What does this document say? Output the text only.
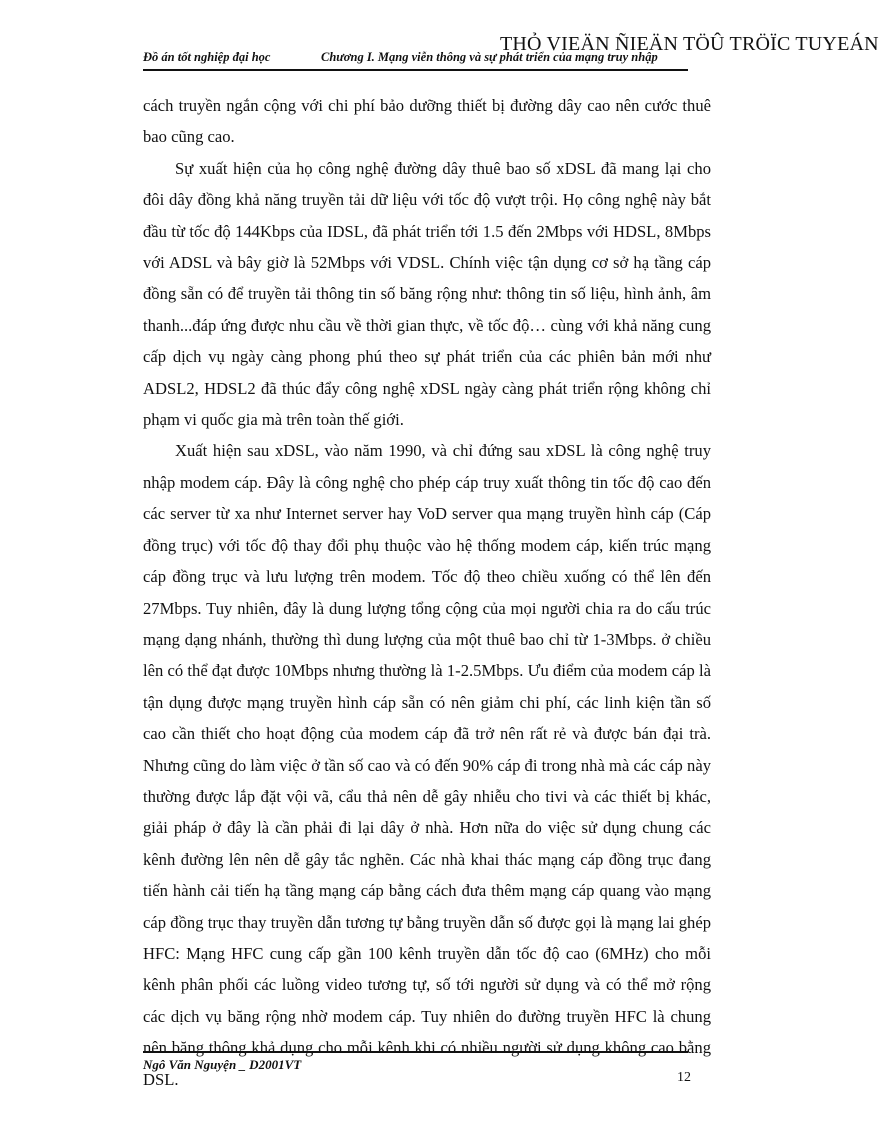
THỎ VIEÄN ÑIEÄN TÖÛ TRÖÏC TUYEÁN
Đồ án tốt nghiệp đại học	Chương I. Mạng viễn thông và sự phát triển của mạng truy nhập

cách truyền ngắn cộng với chi phí bảo dưỡng thiết bị đường dây cao nên cước thuê bao cũng cao.

Sự xuất hiện của họ công nghệ đường dây thuê bao số xDSL đã mang lại cho đôi dây đồng khả năng truyền tải dữ liệu với tốc độ vượt trội. Họ công nghệ này bắt đầu từ tốc độ 144Kbps của IDSL, đã phát triển tới 1.5 đến 2Mbps với HDSL, 8Mbps với ADSL và bây giờ là 52Mbps với VDSL. Chính việc tận dụng cơ sở hạ tầng cáp đồng sẵn có để truyền tải thông tin số băng rộng như: thông tin số liệu, hình ảnh, âm thanh...đáp ứng được nhu cầu về thời gian thực, về tốc độ… cùng với khả năng cung cấp dịch vụ ngày càng phong phú theo sự phát triển của các phiên bản mới như ADSL2, HDSL2 đã thúc đẩy công nghệ xDSL ngày càng phát triển rộng không chỉ phạm vi quốc gia mà trên toàn thế giới.

Xuất hiện sau xDSL, vào năm 1990, và chỉ đứng sau xDSL là công nghệ truy nhập modem cáp. Đây là công nghệ cho phép cáp truy xuất thông tin tốc độ cao đến các server từ xa như Internet server hay VoD server qua mạng truyền hình cáp (Cáp đồng trục) với tốc độ thay đổi phụ thuộc vào hệ thống modem cáp, kiến trúc mạng cáp đồng trục và lưu lượng trên modem. Tốc độ theo chiều xuống có thể lên đến 27Mbps. Tuy nhiên, đây là dung lượng tổng cộng của mọi người chia ra do cấu trúc mạng dạng nhánh, thường thì dung lượng của một thuê bao chỉ từ 1-3Mbps. ở chiều lên có thể đạt được 10Mbps nhưng thường là 1-2.5Mbps. Ưu điểm của modem cáp là tận dụng được mạng truyền hình cáp sẵn có nên giảm chi phí, các linh kiện tần số cao cần thiết cho hoạt động của modem cáp đã trở nên rất rẻ và được bán đại trà. Nhưng cũng do làm việc ở tần số cao và có đến 90% cáp đi trong nhà mà các cáp này thường được lắp đặt vội vã, cẩu thả nên dễ gây nhiễu cho tivi và các thiết bị khác, giải pháp ở đây là cần phải đi lại dây ở nhà. Hơn nữa do việc sử dụng chung các kênh đường lên nên dễ gây tắc nghẽn. Các nhà khai thác mạng cáp đồng trục đang tiến hành cải tiến hạ tầng mạng cáp bằng cách đưa thêm mạng cáp quang vào mạng cáp đồng trục thay truyền dẫn tương tự bằng truyền dẫn số được gọi là mạng lai ghép HFC: Mạng HFC cung cấp gần 100 kênh truyền dẫn tốc độ cao (6MHz) cho mỗi kênh phân phối các luồng video tương tự, số tới người sử dụng và có thể mở rộng các dịch vụ băng rộng nhờ modem cáp. Tuy nhiên do đường truyền HFC là chung nên băng thông khả dụng cho mỗi kênh khi có nhiều người sử dụng không cao bằng DSL.

Ngô Văn Nguyện _ D2001VT
12
